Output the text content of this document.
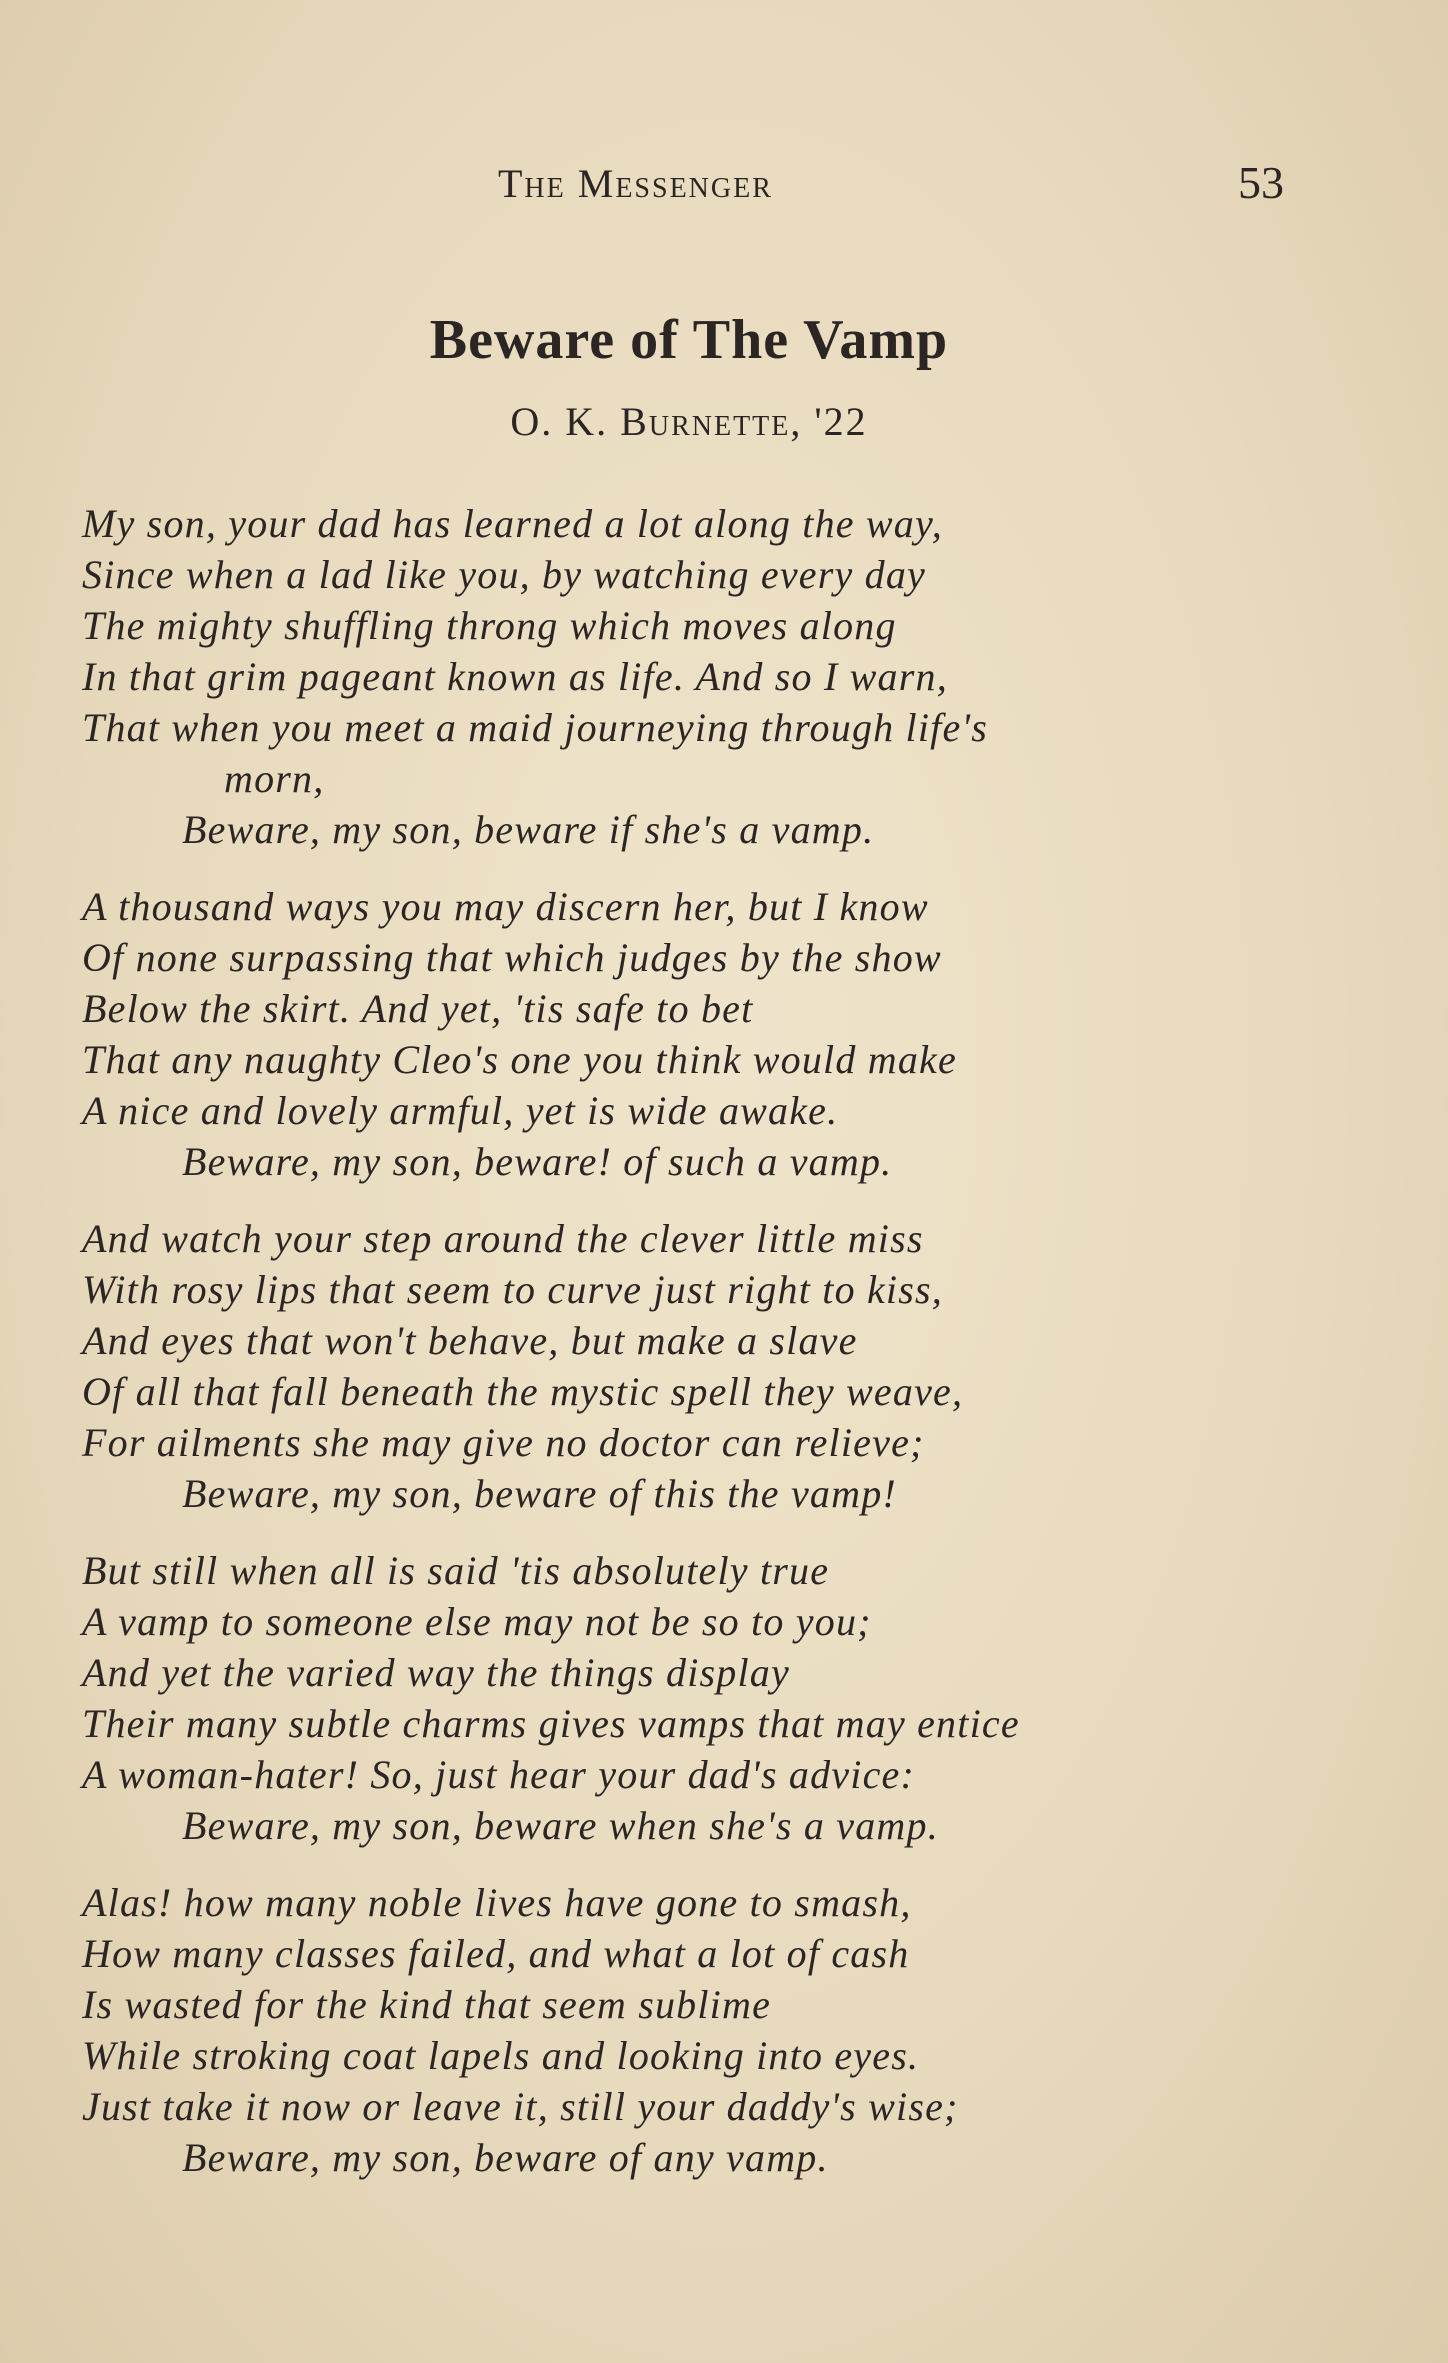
The Messenger	53
Beware of The Vamp
O. K. Burnette, '22
My son, your dad has learned a lot along the way,
Since when a lad like you, by watching every day
The mighty shuffling throng which moves along
In that grim pageant known as life. And so I warn,
That when you meet a maid journeying through life's
morn,
Beware, my son, beware if she's a vamp.
A thousand ways you may discern her, but I know
Of none surpassing that which judges by the show
Below the skirt. And yet, 'tis safe to bet
That any naughty Cleo's one you think would make
A nice and lovely armful, yet is wide awake.
Beware, my son, beware! of such a vamp.
And watch your step around the clever little miss
With rosy lips that seem to curve just right to kiss,
And eyes that won't behave, but make a slave
Of all that fall beneath the mystic spell they weave,
For ailments she may give no doctor can relieve;
Beware, my son, beware of this the vamp!
But still when all is said 'tis absolutely true
A vamp to someone else may not be so to you;
And yet the varied way the things display
Their many subtle charms gives vamps that may entice
A woman-hater! So, just hear your dad's advice:
Beware, my son, beware when she's a vamp.
Alas! how many noble lives have gone to smash,
How many classes failed, and what a lot of cash
Is wasted for the kind that seem sublime
While stroking coat lapels and looking into eyes.
Just take it now or leave it, still your daddy's wise;
Beware, my son, beware of any vamp.
